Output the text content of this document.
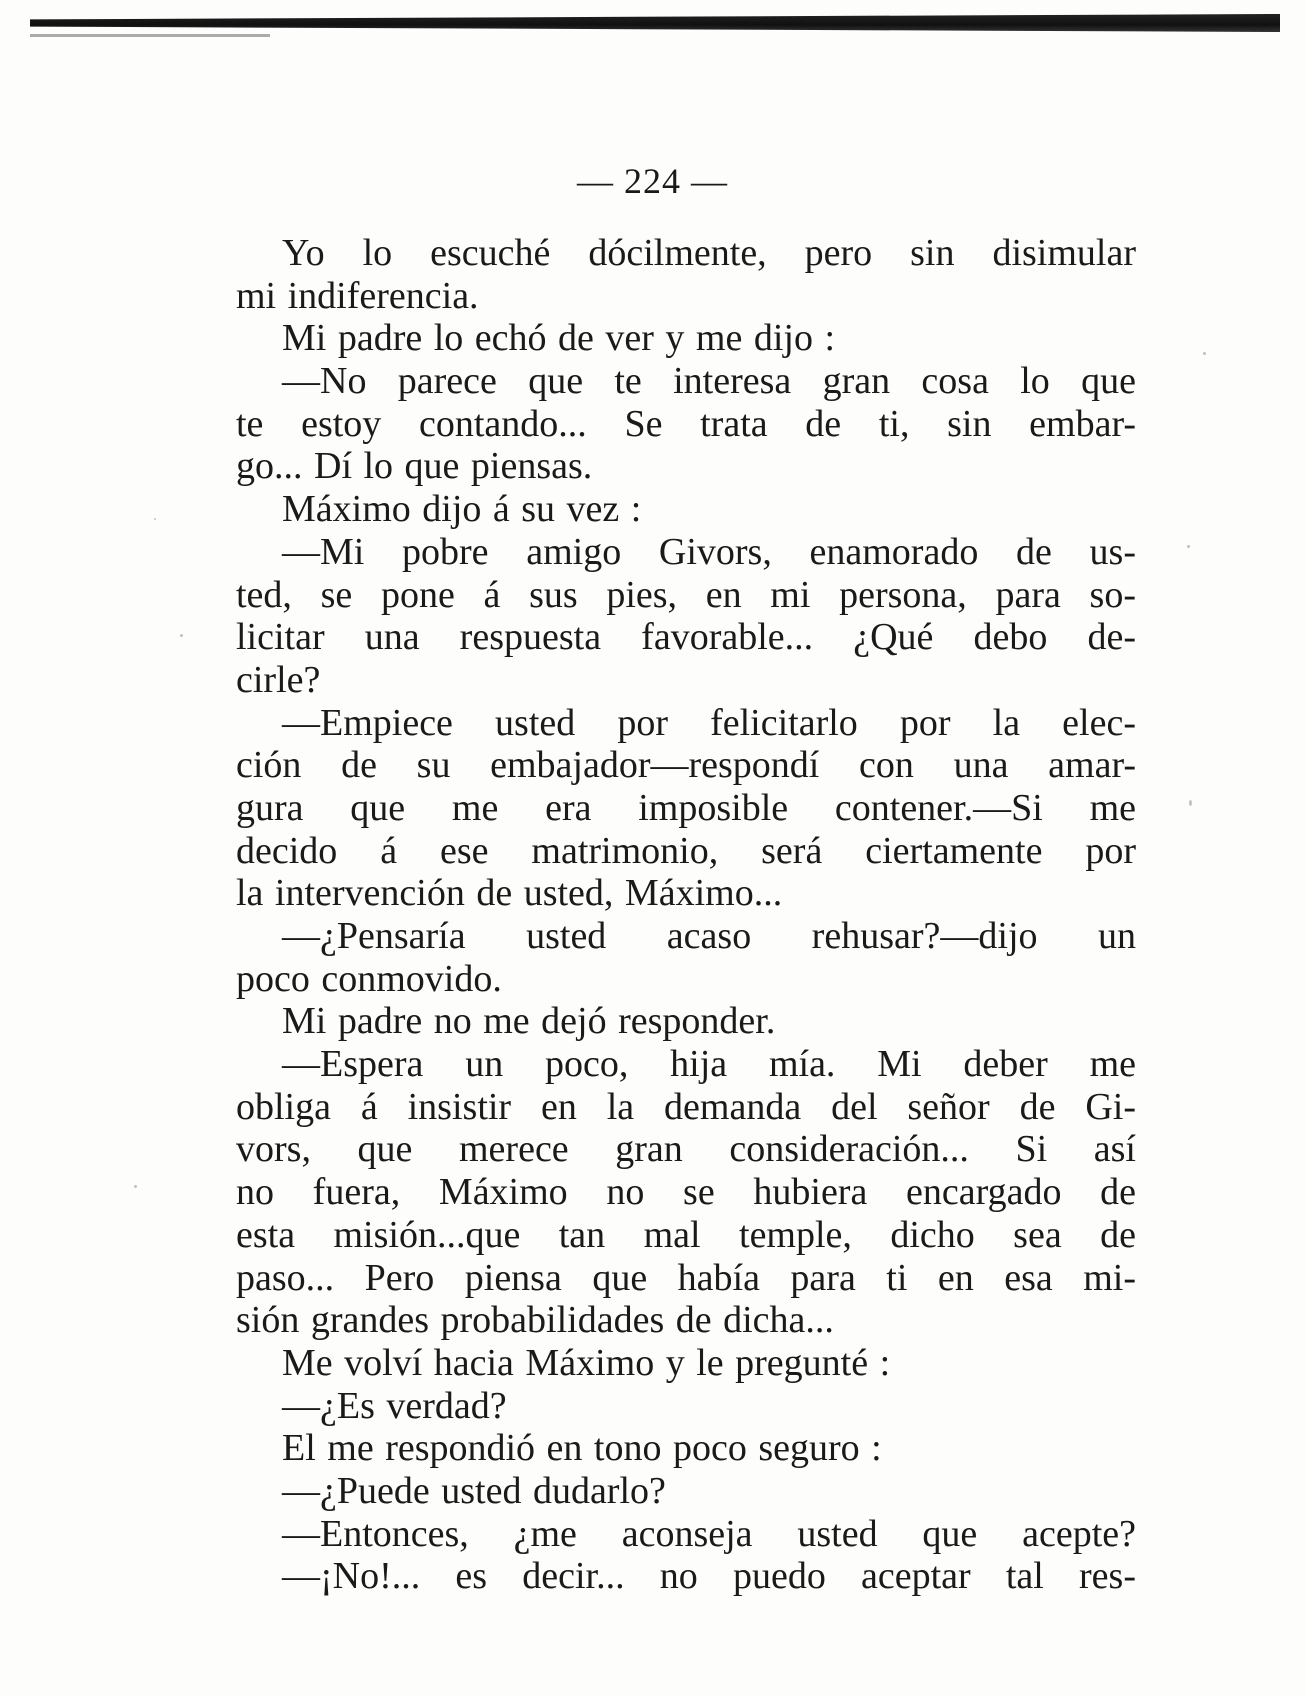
— 224 —
Yo lo escuché dócilmente, pero sin disimular
mi indiferencia.
Mi padre lo echó de ver y me dijo :
—No parece que te interesa gran cosa lo que
te estoy contando... Se trata de ti, sin embar-
go... Dí lo que piensas.
Máximo dijo á su vez :
—Mi pobre amigo Givors, enamorado de us-
ted, se pone á sus pies, en mi persona, para so-
licitar una respuesta favorable... ¿Qué debo de-
cirle?
—Empiece usted por felicitarlo por la elec-
ción de su embajador—respondí con una amar-
gura que me era imposible contener.—Si me
decido á ese matrimonio, será ciertamente por
la intervención de usted, Máximo...
—¿Pensaría usted acaso rehusar?—dijo un
poco conmovido.
Mi padre no me dejó responder.
—Espera un poco, hija mía. Mi deber me
obliga á insistir en la demanda del señor de Gi-
vors, que merece gran consideración... Si así
no fuera, Máximo no se hubiera encargado de
esta misión...que tan mal temple, dicho sea de
paso... Pero piensa que había para ti en esa mi-
sión grandes probabilidades de dicha...
Me volví hacia Máximo y le pregunté :
—¿Es verdad?
El me respondió en tono poco seguro :
—¿Puede usted dudarlo?
—Entonces, ¿me aconseja usted que acepte?
—¡No!... es decir... no puedo aceptar tal res-
